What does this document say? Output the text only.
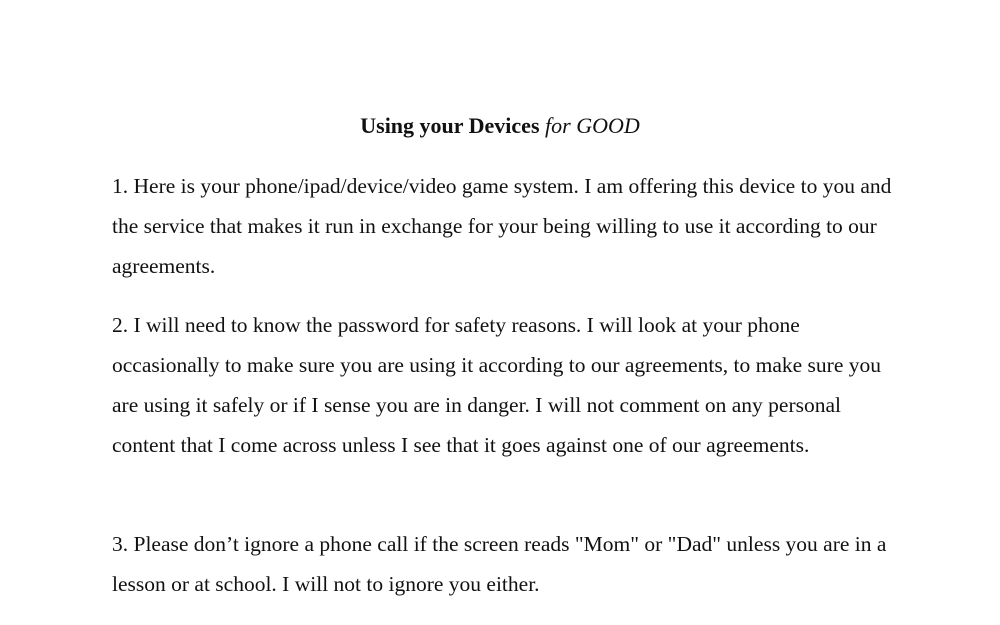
Using your Devices for GOOD

1. Here is your phone/ipad/device/video game system. I am offering this device to you and the service that makes it run in exchange for your being willing to use it according to our agreements.

2. I will need to know the password for safety reasons. I will look at your phone occasionally to make sure you are using it according to our agreements, to make sure you are using it safely or if I sense you are in danger. I will not comment on any personal content that I come across unless I see that it goes against one of our agreements.

3. Please don’t ignore a phone call if the screen reads "Mom" or "Dad" unless you are in a lesson or at school. I will not to ignore you either.
